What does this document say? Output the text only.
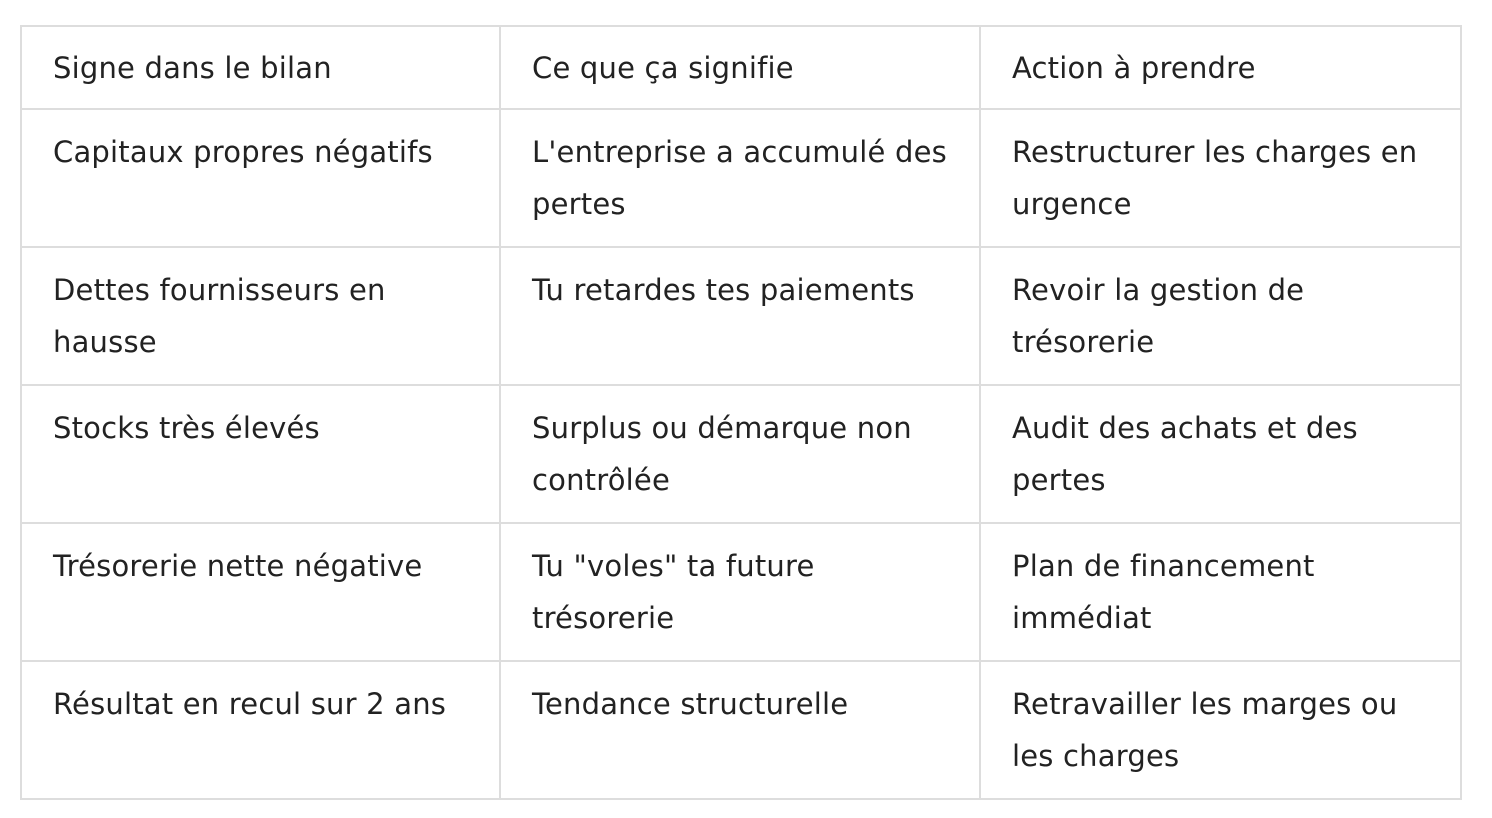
Signe dans le bilan	Ce que ça signifie	Action à prendre
Capitaux propres négatifs	L'entreprise a accumulé des pertes	Restructurer les charges en urgence
Dettes fournisseurs en hausse	Tu retardes tes paiements	Revoir la gestion de trésorerie
Stocks très élevés	Surplus ou démarque non contrôlée	Audit des achats et des pertes
Trésorerie nette négative	Tu "voles" ta future trésorerie	Plan de financement immédiat
Résultat en recul sur 2 ans	Tendance structurelle	Retravailler les marges ou les charges
